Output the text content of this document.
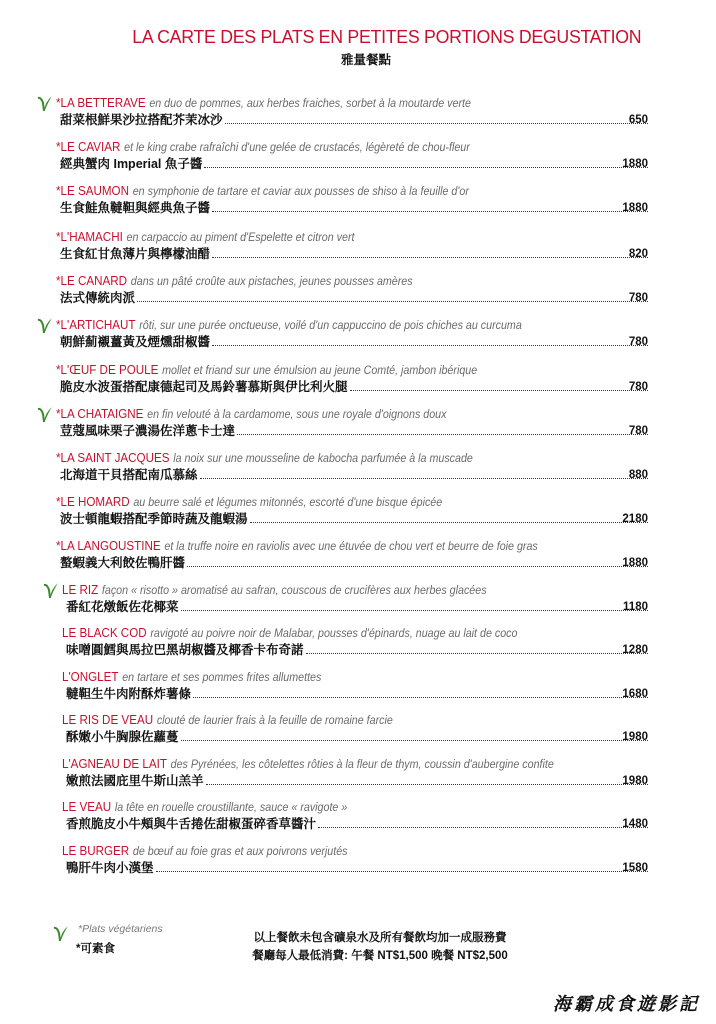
LA CARTE DES PLATS EN PETITES PORTIONS DEGUSTATION
雅量餐點
*LA BETTERAVE en duo de pommes, aux herbes fraiches, sorbet à la moutarde verte
甜菜根鮮果沙拉搭配芥茉冰沙	650
*LE CAVIAR et le king crabe rafraîchi d'une gelée de crustacés, légèreté de chou-fleur
經典蟹肉 Imperial 魚子醬	1880
*LE SAUMON en symphonie de tartare et caviar aux pousses de shiso à la feuille d'or
生食鮭魚韃靼與經典魚子醬	1880
*L'HAMACHI en carpaccio au piment d'Espelette et citron vert
生食紅甘魚薄片與檸檬油醋	820
*LE CANARD dans un pâté croûte aux pistaches, jeunes pousses amères
法式傳統肉派	780
*L'ARTICHAUT rôti, sur une purée onctueuse, voilé d'un cappuccino de pois chiches au curcuma
朝鮮薊襯薑黃及煙燻甜椒醬	780
*L'ŒUF DE POULE mollet et friand sur une émulsion au jeune Comté, jambon ibérique
脆皮水波蛋搭配康德起司及馬鈴薯慕斯與伊比利火腿	780
*LA CHATAIGNE en fin velouté à la cardamome, sous une royale d'oignons doux
荳蔻風味栗子濃湯佐洋蔥卡士達	780
*LA SAINT JACQUES la noix sur une mousseline de kabocha parfumée à la muscade
北海道干貝搭配南瓜慕絲	880
*LE HOMARD au beurre salé et légumes mitonnés, escorté d'une bisque épicée
波士頓龍蝦搭配季節時蔬及龍蝦湯	2180
*LA LANGOUSTINE et la truffe noire en raviolis avec une étuvée de chou vert et beurre de foie gras
螯蝦義大利餃佐鴨肝醬	1880
LE RIZ façon « risotto » aromatisé au safran, couscous de crucifères aux herbes glacées
番紅花燉飯佐花椰菜	1180
LE BLACK COD ravigoté au poivre noir de Malabar, pousses d'épinards, nuage au lait de coco
味噌圓鱈與馬拉巴黑胡椒醬及椰香卡布奇諾	1280
L'ONGLET en tartare et ses pommes frites allumettes
韃靼生牛肉附酥炸薯條	1680
LE RIS DE VEAU clouté de laurier frais à la feuille de romaine farcie
酥嫩小牛胸腺佐蘿蔓	1980
L'AGNEAU DE LAIT des Pyrénées, les côtelettes rôties à la fleur de thym, coussin d'aubergine confite
嫩煎法國庇里牛斯山羔羊	1980
LE VEAU la tête en rouelle croustillante, sauce « ravigote »
香煎脆皮小牛頰與牛舌捲佐甜椒蛋碎香草醬汁	1480
LE BURGER de bœuf au foie gras et aux poivrons verjutés
鴨肝牛肉小漢堡	1580
*Plats végétariens
*可素食
以上餐飲未包含礦泉水及所有餐飲均加一成服務費
餐廳每人最低消費: 午餐 NT$1,500 晚餐 NT$2,500
海霸成食遊影記
